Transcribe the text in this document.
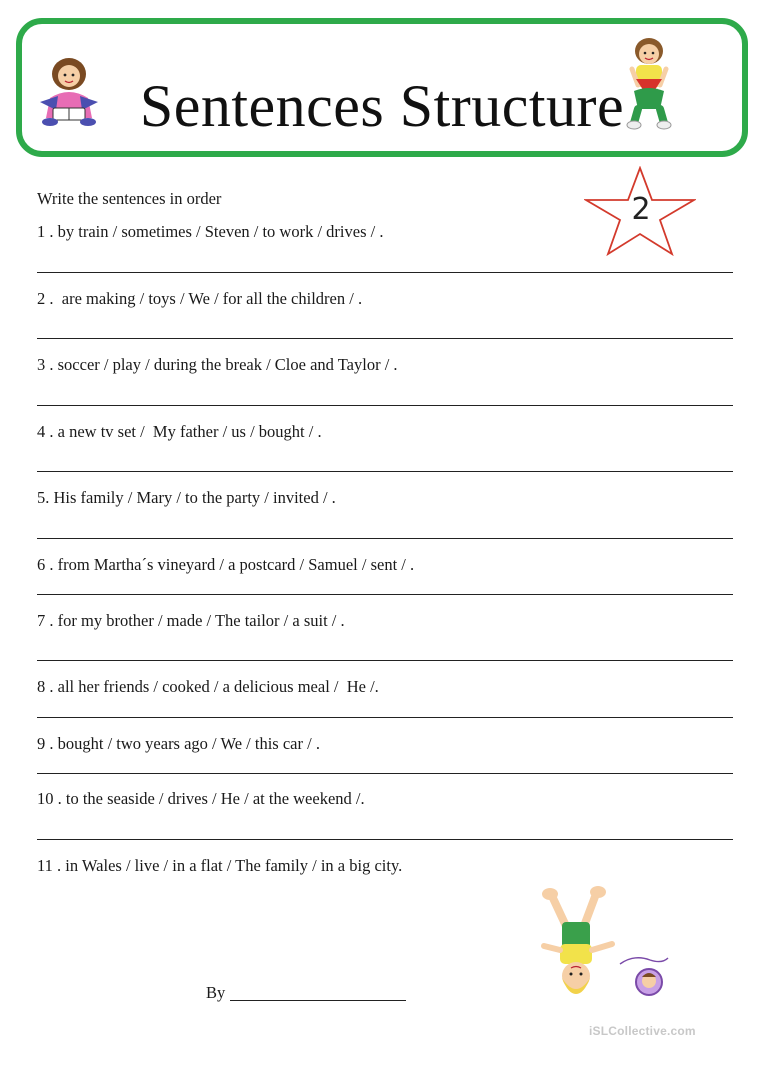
Sentences Structure
2
Write the sentences in order
1 . by train / sometimes / Steven / to work / drives / .
2 .  are making / toys / We / for all the children / .
3 . soccer / play / during the break / Cloe and Taylor / .
4 . a new tv set /  My father / us / bought / .
5. His family / Mary / to the party / invited / .
6 . from Martha´s vineyard / a postcard / Samuel / sent / .
7 . for my brother / made / The tailor / a suit / .
8 . all her friends / cooked / a delicious meal /  He /.
9 . bought / two years ago / We / this car / .
10 . to the seaside / drives / He / at the weekend /.
11 . in Wales / live / in a flat / The family / in a big city.
By
iSLCollective.com
